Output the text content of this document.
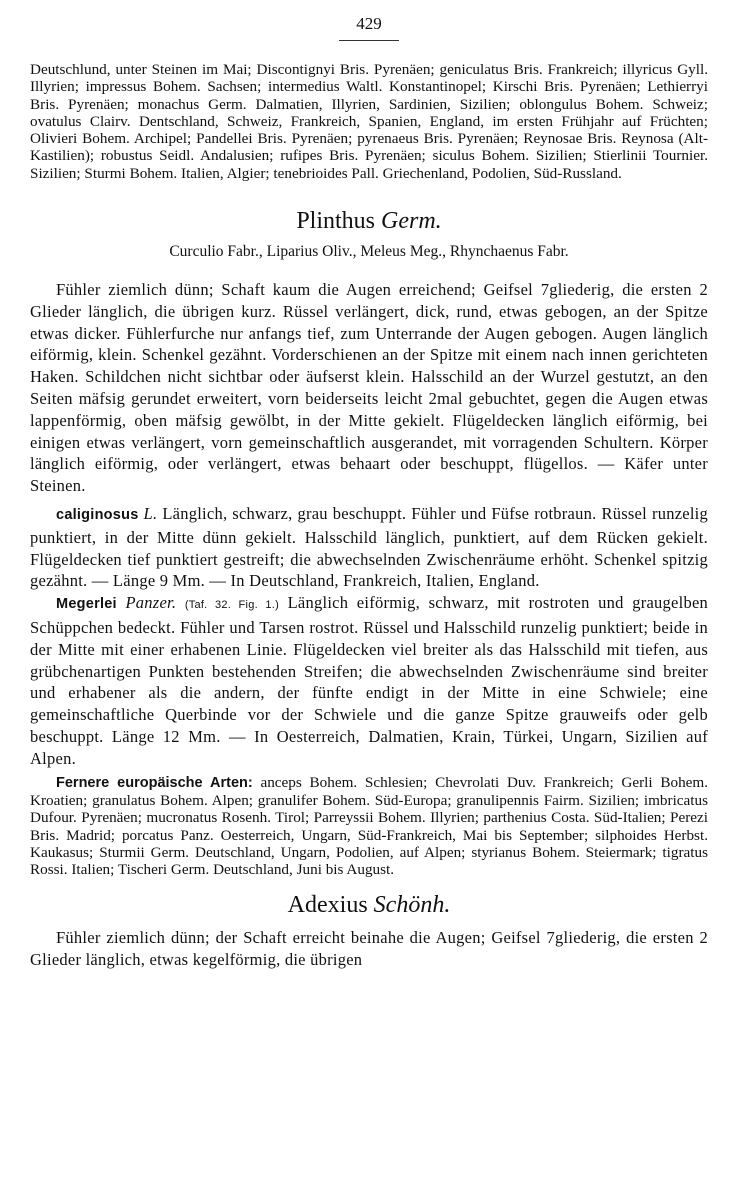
429

Deutschlund, unter Steinen im Mai; Discontignyi Bris. Pyrenäen; geniculatus Bris. Frankreich; illyricus Gyll. Illyrien; impressus Bohem. Sachsen; intermedius Waltl. Konstantinopel; Kirschi Bris. Pyrenäen; Lethierryi Bris. Pyrenäen; monachus Germ. Dalmatien, Illyrien, Sardinien, Sizilien; oblongulus Bohem. Schweiz; ovatulus Clairv. Dentschland, Schweiz, Frankreich, Spanien, England, im ersten Frühjahr auf Früchten; Olivieri Bohem. Archipel; Pandellei Bris. Pyrenäen; pyrenaeus Bris. Pyrenäen; Reynosae Bris. Reynosa (Alt-Kastilien); robustus Seidl. Andalusien; rufipes Bris. Pyrenäen; siculus Bohem. Sizilien; Stierlinii Tournier. Sizilien; Sturmi Bohem. Italien, Algier; tenebrioides Pall. Griechenland, Podolien, Süd-Russland.

Plinthus Germ.
Curculio Fabr., Liparius Oliv., Meleus Meg., Rhynchaenus Fabr.

Fühler ziemlich dünn; Schaft kaum die Augen erreichend; Geifsel 7gliederig, die ersten 2 Glieder länglich, die übrigen kurz. Rüssel verlängert, dick, rund, etwas gebogen, an der Spitze etwas dicker. Fühlerfurche nur anfangs tief, zum Unterrande der Augen gebogen. Augen länglich eiförmig, klein. Schenkel gezähnt. Vorderschienen an der Spitze mit einem nach innen gerichteten Haken. Schildchen nicht sichtbar oder äufserst klein. Halsschild an der Wurzel gestutzt, an den Seiten mäfsig gerundet erweitert, vorn beiderseits leicht 2mal gebuchtet, gegen die Augen etwas lappenförmig, oben mäfsig gewölbt, in der Mitte gekielt. Flügeldecken länglich eiförmig, bei einigen etwas verlängert, vorn gemeinschaftlich ausgerandet, mit vorragenden Schultern. Körper länglich eiförmig, oder verlängert, etwas behaart oder beschuppt, flügellos. — Käfer unter Steinen.

caliginosus L. Länglich, schwarz, grau beschuppt. Fühler und Füfse rotbraun. Rüssel runzelig punktiert, in der Mitte dünn gekielt. Halsschild länglich, punktiert, auf dem Rücken gekielt. Flügeldecken tief punktiert gestreift; die abwechselnden Zwischenräume erhöht. Schenkel spitzig gezähnt. — Länge 9 Mm. — In Deutschland, Frankreich, Italien, England.

Megerlei Panzer. (Taf. 32. Fig. 1.) Länglich eiförmig, schwarz, mit rostroten und graugelben Schüppchen bedeckt. Fühler und Tarsen rostrot. Rüssel und Halsschild runzelig punktiert; beide in der Mitte mit einer erhabenen Linie. Flügeldecken viel breiter als das Halsschild mit tiefen, aus grübchenartigen Punkten bestehenden Streifen; die abwechselnden Zwischenräume sind breiter und erhabener als die andern, der fünfte endigt in der Mitte in eine Schwiele; eine gemeinschaftliche Querbinde vor der Schwiele und die ganze Spitze grauweifs oder gelb beschuppt. Länge 12 Mm. — In Oesterreich, Dalmatien, Krain, Türkei, Ungarn, Sizilien auf Alpen.

Fernere europäische Arten: anceps Bohem. Schlesien; Chevrolati Duv. Frankreich; Gerli Bohem. Kroatien; granulatus Bohem. Alpen; granulifer Bohem. Süd-Europa; granulipennis Fairm. Sizilien; imbricatus Dufour. Pyrenäen; mucronatus Rosenh. Tirol; Parreyssii Bohem. Illyrien; parthenius Costa. Süd-Italien; Perezi Bris. Madrid; porcatus Panz. Oesterreich, Ungarn, Süd-Frankreich, Mai bis September; silphoides Herbst. Kaukasus; Sturmii Germ. Deutschland, Ungarn, Podolien, auf Alpen; styrianus Bohem. Steiermark; tigratus Rossi. Italien; Tischeri Germ. Deutschland, Juni bis August.

Adexius Schönh.

Fühler ziemlich dünn; der Schaft erreicht beinahe die Augen; Geifsel 7gliederig, die ersten 2 Glieder länglich, etwas kegelförmig, die übrigen
